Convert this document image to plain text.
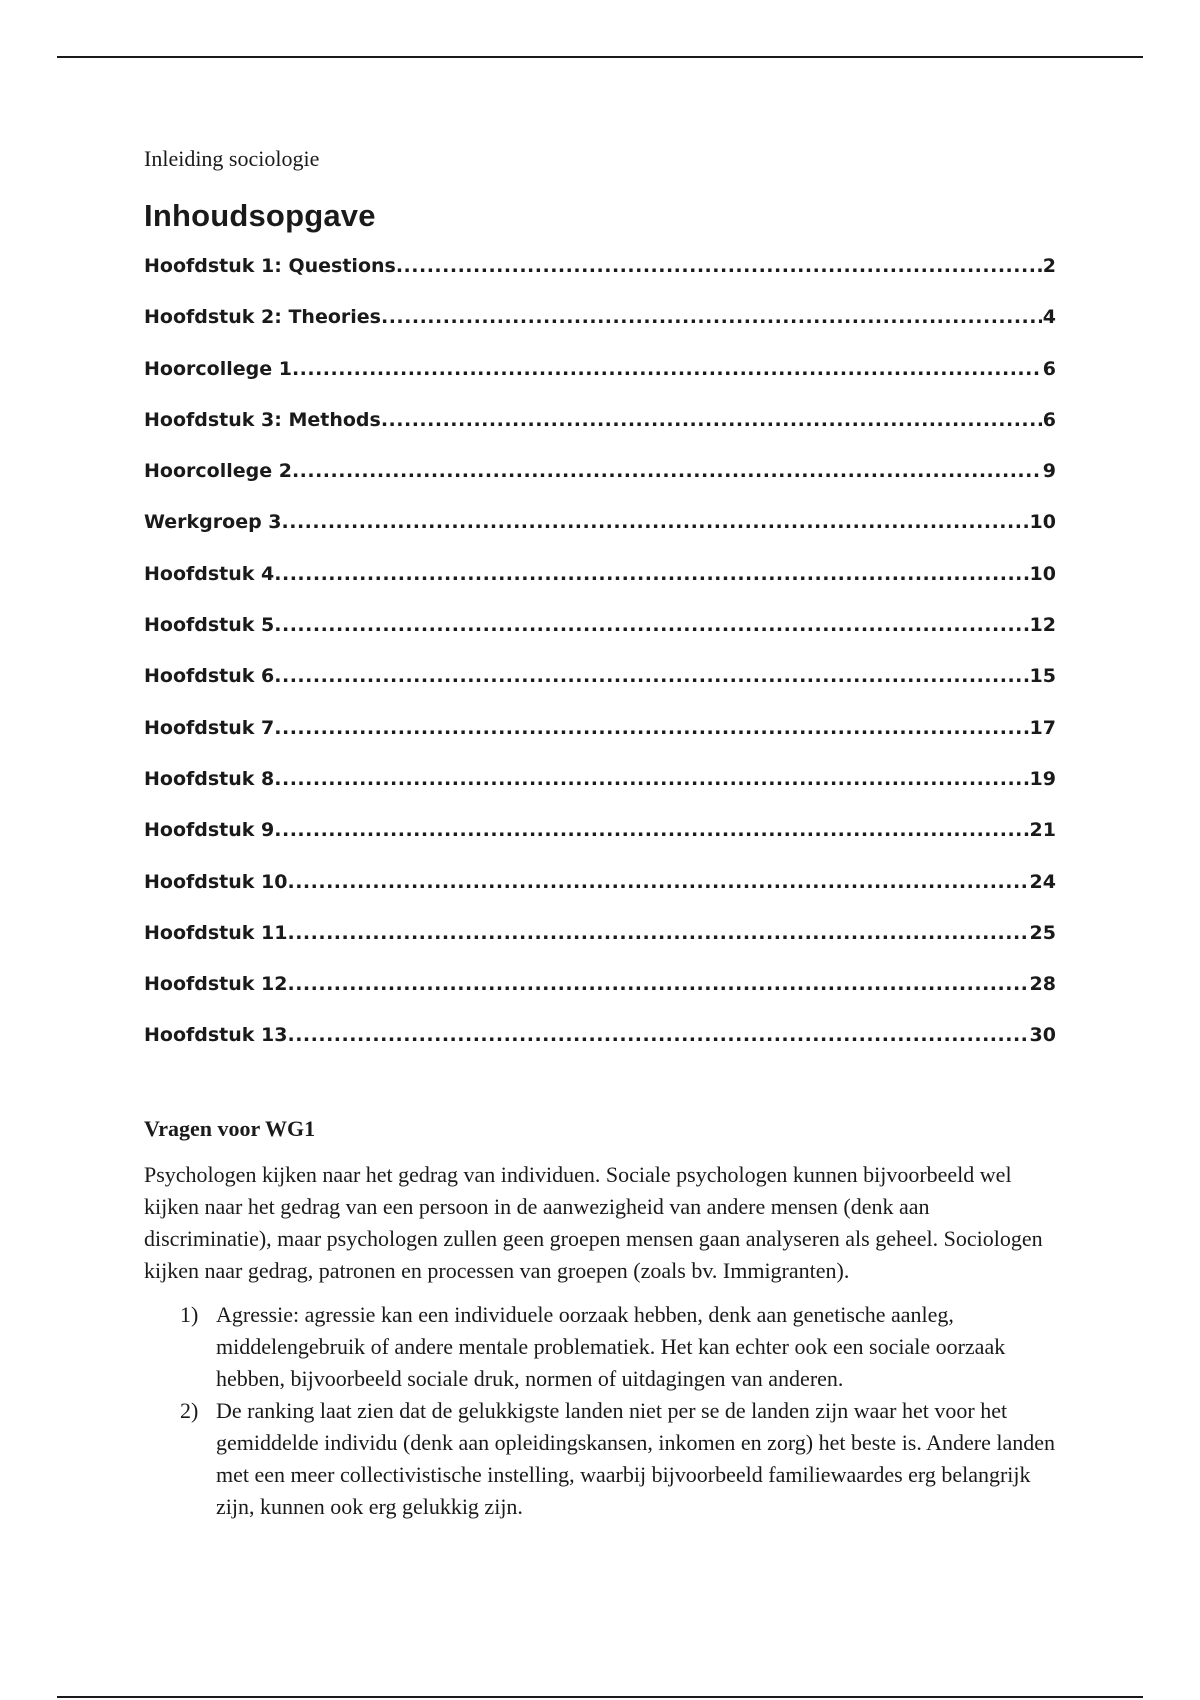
Inleiding sociologie

Inhoudsopgave
Hoofdstuk 1: Questions .....	2
Hoofdstuk 2: Theories .....	4
Hoorcollege 1 .....	6
Hoofdstuk 3: Methods .....	6
Hoorcollege 2 .....	9
Werkgroep 3 .....	10
Hoofdstuk 4 .....	10
Hoofdstuk 5 .....	12
Hoofdstuk 6 .....	15
Hoofdstuk 7 .....	17
Hoofdstuk 8 .....	19
Hoofdstuk 9 .....	21
Hoofdstuk 10 .....	24
Hoofdstuk 11 .....	25
Hoofdstuk 12 .....	28
Hoofdstuk 13 .....	30
Vragen voor WG1

Psychologen kijken naar het gedrag van individuen. Sociale psychologen kunnen bijvoorbeeld wel kijken naar het gedrag van een persoon in de aanwezigheid van andere mensen (denk aan discriminatie), maar psychologen zullen geen groepen mensen gaan analyseren als geheel. Sociologen kijken naar gedrag, patronen en processen van groepen (zoals bv. Immigranten).

1) Agressie: agressie kan een individuele oorzaak hebben, denk aan genetische aanleg, middelengebruik of andere mentale problematiek. Het kan echter ook een sociale oorzaak hebben, bijvoorbeeld sociale druk, normen of uitdagingen van anderen.
2) De ranking laat zien dat de gelukkigste landen niet per se de landen zijn waar het voor het gemiddelde individu (denk aan opleidingskansen, inkomen en zorg) het beste is. Andere landen met een meer collectivistische instelling, waarbij bijvoorbeeld familiewaardes erg belangrijk zijn, kunnen ook erg gelukkig zijn.
